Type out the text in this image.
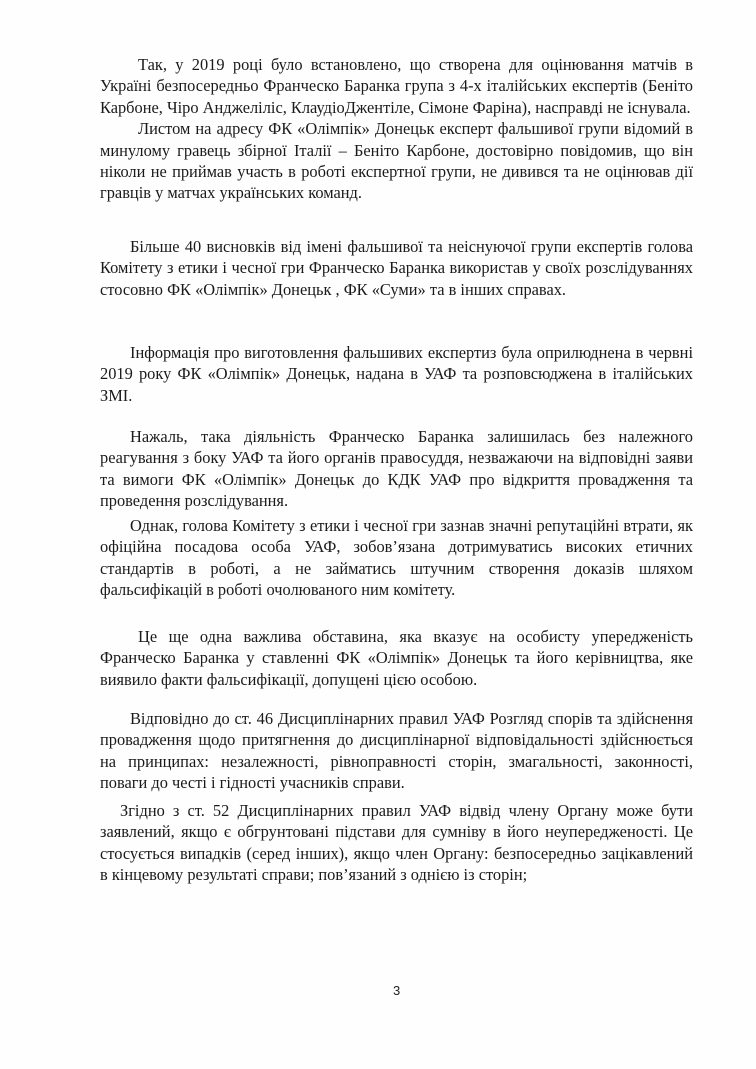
Так, у 2019 році було встановлено, що створена для оцінювання матчів в Україні безпосередньо Франческо Баранка група з 4-х італійських експертів (Беніто Карбоне, Чіро Анджеліліс, КлаудіоДжентіле, Сімоне Фаріна), насправді не існувала.

Листом на адресу ФК «Олімпік» Донецьк експерт фальшивої групи відомий в минулому гравець збірної Італії – Беніто Карбоне, достовірно повідомив, що він ніколи не приймав участь в роботі експертної групи, не дивився та не оцінював дії гравців у матчах українських команд.

Більше 40 висновків від імені фальшивої та неіснуючої групи експертів голова Комітету з етики і чесної гри Франческо Баранка використав у своїх розслідуваннях стосовно ФК «Олімпік» Донецьк , ФК «Суми» та в інших справах.

Інформація про виготовлення фальшивих експертиз була оприлюднена в червні 2019 року ФК «Олімпік» Донецьк, надана в УАФ та розповсюджена в італійських ЗМІ.

Нажаль, така діяльність Франческо Баранка залишилась без належного реагування з боку УАФ та його органів правосуддя, незважаючи на відповідні заяви та вимоги ФК «Олімпік» Донецьк до КДК УАФ про відкриття провадження та проведення розслідування.

Однак, голова Комітету з етики і чесної гри зазнав значні репутаційні втрати, як офіційна посадова особа УАФ, зобов’язана дотримуватись високих етичних стандартів в роботі, а не займатись штучним створення доказів шляхом фальсифікацій в роботі очолюваного ним комітету.

Це ще одна важлива обставина, яка вказує на особисту упередженість Франческо Баранка у ставленні ФК «Олімпік» Донецьк та його керівництва, яке виявило факти фальсифікації, допущені цією особою.

Відповідно до ст. 46 Дисциплінарних правил УАФ Розгляд спорів та здійснення провадження щодо притягнення до дисциплінарної відповідальності здійснюється на принципах: незалежності, рівноправності сторін, змагальності, законності, поваги до честі і гідності учасників справи.

Згідно з ст. 52 Дисциплінарних правил УАФ відвід члену Органу може бути заявлений, якщо є обгрунтовані підстави для сумніву в його неупередженості. Це стосується випадків (серед інших), якщо член Органу: безпосередньо зацікавлений в кінцевому результаті справи; пов’язаний з однією із сторін;

3
